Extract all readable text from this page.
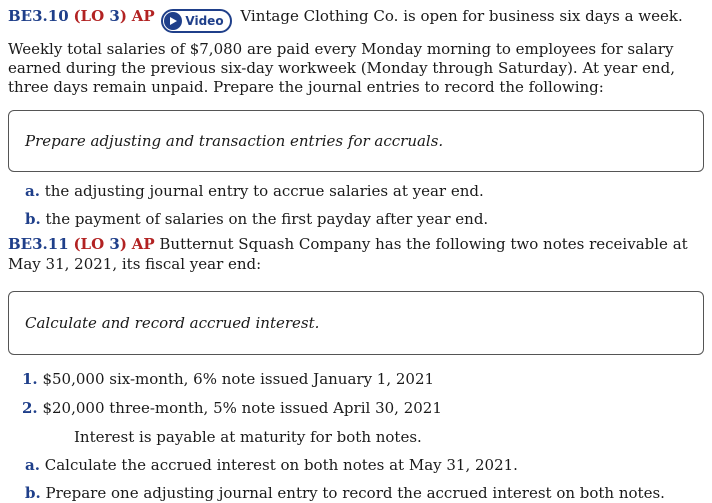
BE3.10 (LO 3) AP	Video Vintage Clothing Co. is open for business six days a week.

Weekly total salaries of $7,080 are paid every Monday morning to employees for salary earned during the previous six-day workweek (Monday through Saturday). At year end, three days remain unpaid. Prepare the journal entries to record the following:

Prepare adjusting and transaction entries for accruals.

a. the adjusting journal entry to accrue salaries at year end.

b. the payment of salaries on the first payday after year end.

BE3.11 (LO 3) AP Butternut Squash Company has the following two notes receivable at May 31, 2021, its fiscal year end:

Calculate and record accrued interest.

1. $50,000 six-month, 6% note issued January 1, 2021

2. $20,000 three-month, 5% note issued April 30, 2021

Interest is payable at maturity for both notes.

a. Calculate the accrued interest on both notes at May 31, 2021.

b. Prepare one adjusting journal entry to record the accrued interest on both notes.
